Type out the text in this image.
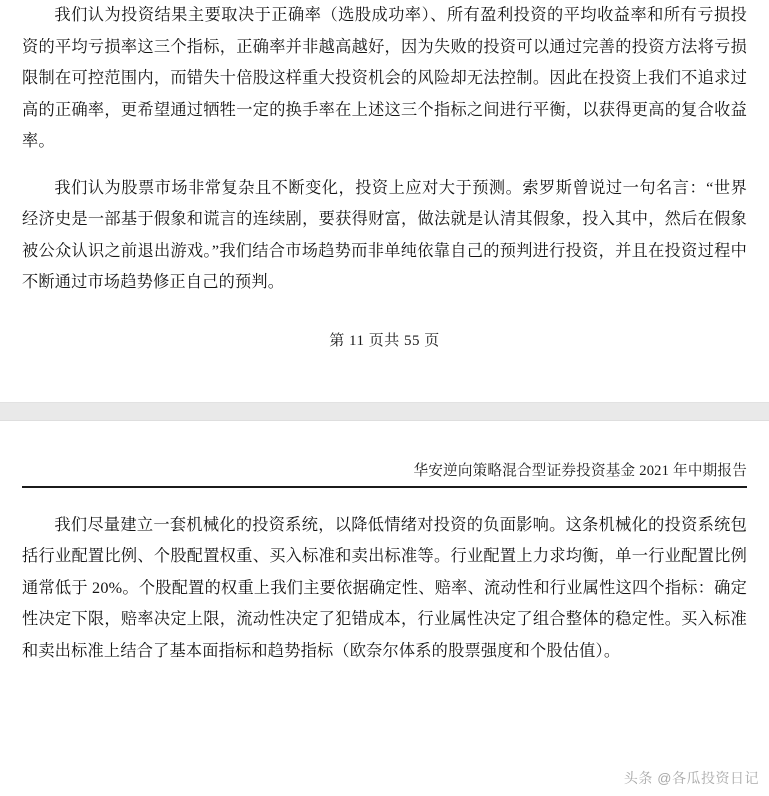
我们认为投资结果主要取决于正确率（选股成功率）、所有盈利投资的平均收益率和所有亏损投资的平均亏损率这三个指标，正确率并非越高越好，因为失败的投资可以通过完善的投资方法将亏损限制在可控范围内，而错失十倍股这样重大投资机会的风险却无法控制。因此在投资上我们不追求过高的正确率，更希望通过牺牲一定的换手率在上述这三个指标之间进行平衡，以获得更高的复合收益率。

我们认为股票市场非常复杂且不断变化，投资上应对大于预测。索罗斯曾说过一句名言：“世界经济史是一部基于假象和谎言的连续剧，要获得财富，做法就是认清其假象，投入其中，然后在假象被公众认识之前退出游戏。”我们结合市场趋势而非单纯依靠自己的预判进行投资，并且在投资过程中不断通过市场趋势修正自己的预判。

第 11 页共 55 页
华安逆向策略混合型证券投资基金 2021 年中期报告

我们尽量建立一套机械化的投资系统，以降低情绪对投资的负面影响。这条机械化的投资系统包括行业配置比例、个股配置权重、买入标准和卖出标准等。行业配置上力求均衡，单一行业配置比例通常低于 20%。个股配置的权重上我们主要依据确定性、赔率、流动性和行业属性这四个指标：确定性决定下限，赔率决定上限，流动性决定了犯错成本，行业属性决定了组合整体的稳定性。买入标准和卖出标准上结合了基本面指标和趋势指标（欧奈尔体系的股票强度和个股估值）。

头条 @各瓜投资日记
